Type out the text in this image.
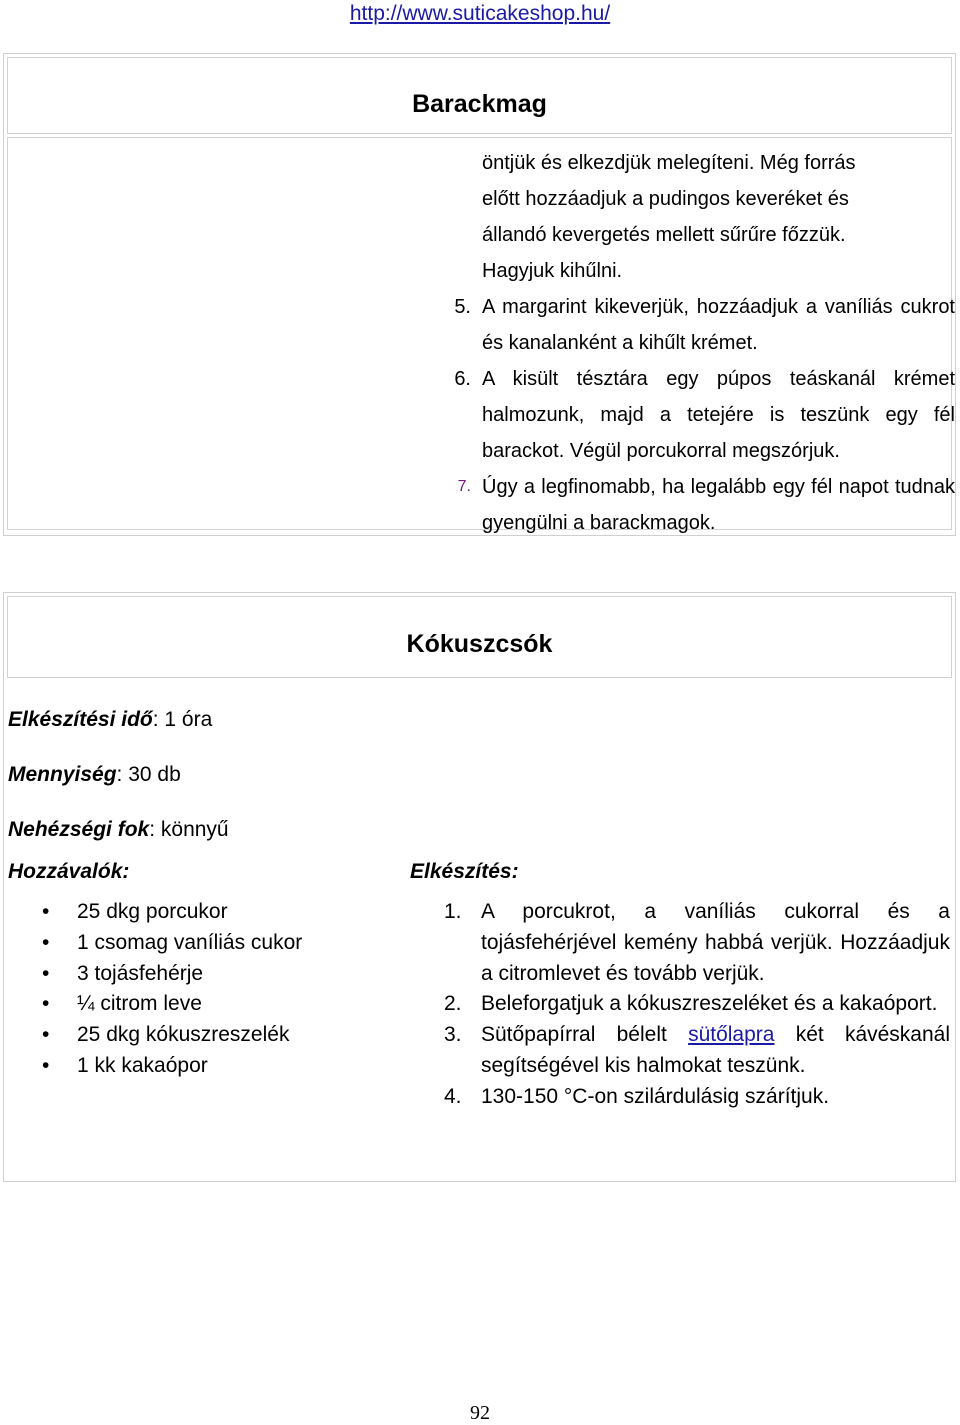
http://www.suticakeshop.hu/
Barackmag
öntjük és elkezdjük melegíteni. Még forrás
előtt hozzáadjuk a pudingos keveréket és
állandó kevergetés mellett sűrűre főzzük.
Hagyjuk kihűlni.
5. A margarint kikeverjük, hozzáadjuk a vaníliás cukrot és kanalanként a kihűlt krémet.
6. A kisült tésztára egy púpos teáskanál krémet halmozunk, majd a tetejére is teszünk egy fél barackot. Végül porcukorral megszórjuk.
7. Úgy a legfinomabb, ha legalább egy fél napot tudnak gyengülni a barackmagok.
Kókuszcsók
Elkészítési idő: 1 óra
Mennyiség: 30 db
Nehézségi fok: könnyű
Hozzávalók:	Elkészítés:
• 25 dkg porcukor
• 1 csomag vaníliás cukor
• 3 tojásfehérje
• ¼ citrom leve
• 25 dkg kókuszreszelék
• 1 kk kakaópor
1. A porcukrot, a vaníliás cukorral és a tojásfehérjével kemény habbá verjük. Hozzáadjuk a citromlevet és tovább verjük.
2. Beleforgatjuk a kókuszreszeléket és a kakaóport.
3. Sütőpapírral bélelt sütőlapra két kávéskanál segítségével kis halmokat teszünk.
4. 130-150 °C-on szilárdulásig szárítjuk.
92
